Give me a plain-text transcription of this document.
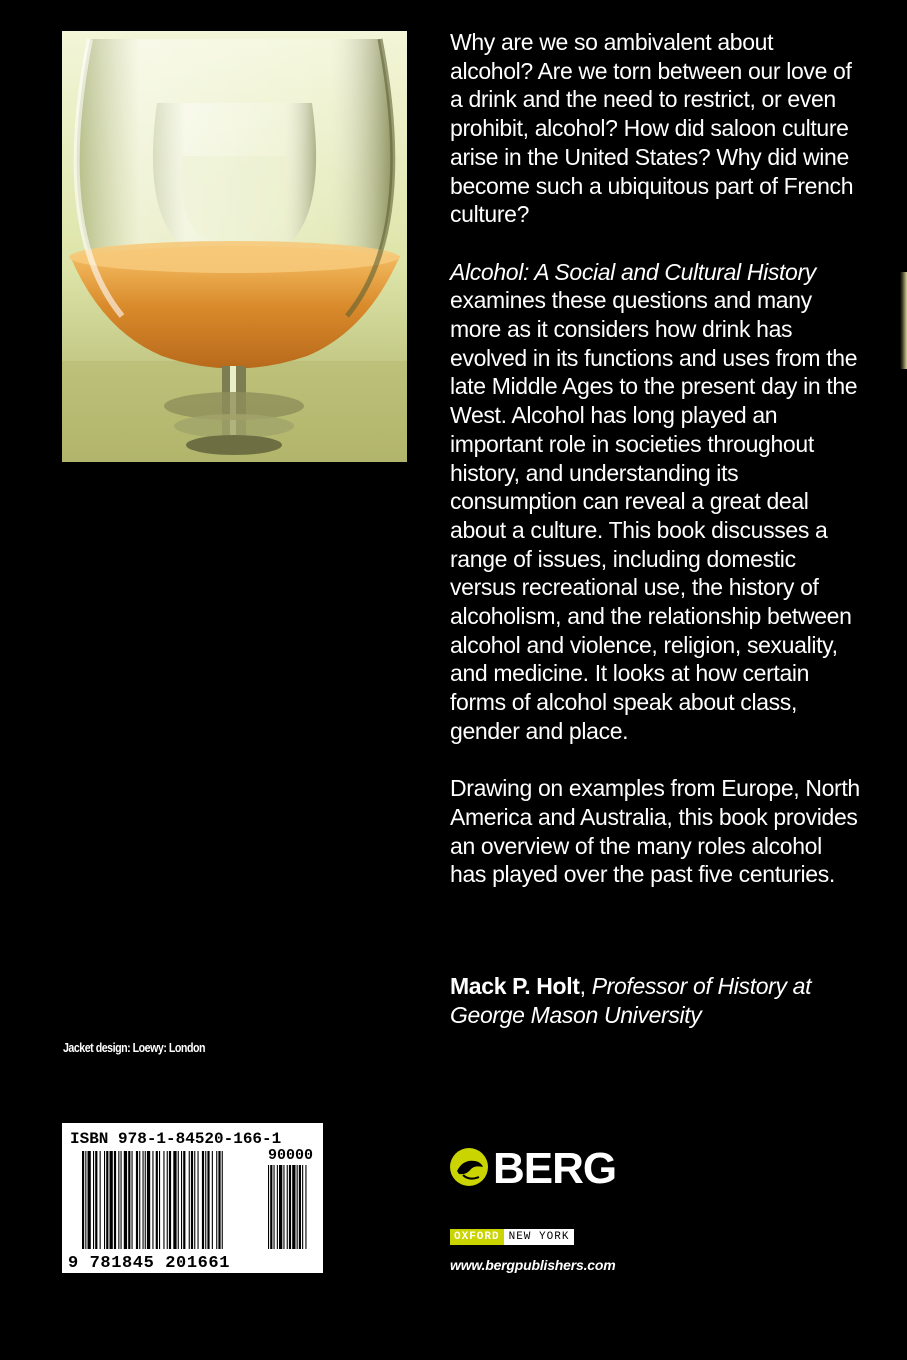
Why are we so ambivalent about alcohol? Are we torn between our love of a drink and the need to restrict, or even prohibit, alcohol? How did saloon culture arise in the United States? Why did wine become such a ubiquitous part of French culture?

Alcohol: A Social and Cultural History examines these questions and many more as it considers how drink has evolved in its functions and uses from the late Middle Ages to the present day in the West. Alcohol has long played an important role in societies throughout history, and understanding its consumption can reveal a great deal about a culture. This book discusses a range of issues, including domestic versus recreational use, the history of alcoholism, and the relationship between alcohol and violence, religion, sexuality, and medicine. It looks at how certain forms of alcohol speak about class, gender and place.

Drawing on examples from Europe, North America and Australia, this book provides an overview of the many roles alcohol has played over the past five centuries.

Mack P. Holt, Professor of History at George Mason University
Jacket design: Loewy: London
ISBN 978-1-84520-166-1
90000
9 781845 201661
BERG
OXFORD NEW YORK
www.bergpublishers.com
